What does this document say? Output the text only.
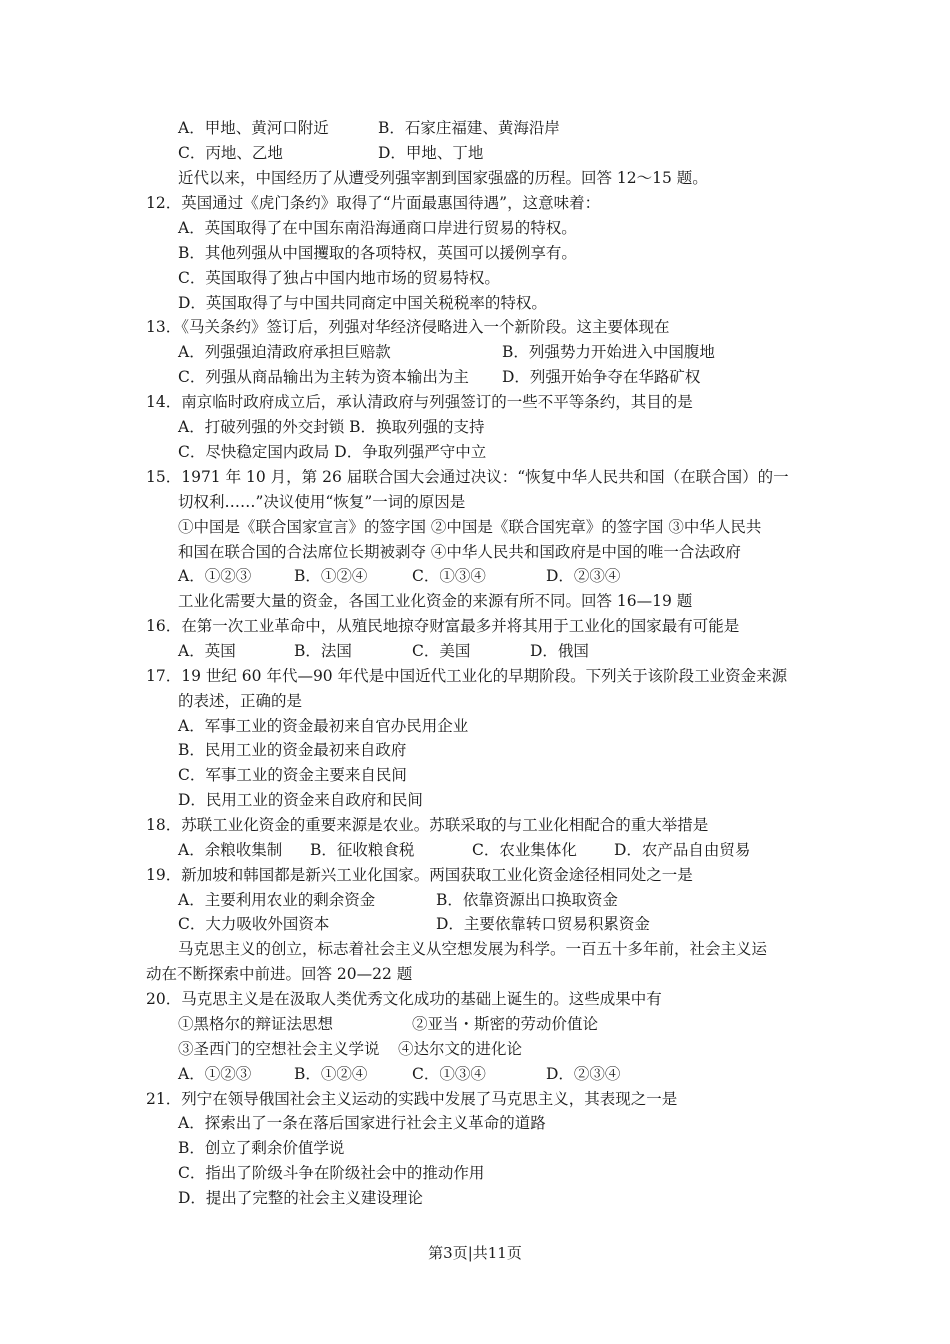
A．甲地、黄河口附近	B．石家庄福建、黄海沿岸
C．丙地、乙地	D．甲地、丁地
近代以来，中国经历了从遭受列强宰割到国家强盛的历程。回答 12～15 题。
12．英国通过《虎门条约》取得了“片面最惠国待遇”，这意味着：
A．英国取得了在中国东南沿海通商口岸进行贸易的特权。
B．其他列强从中国攫取的各项特权，英国可以援例享有。
C．英国取得了独占中国内地市场的贸易特权。
D．英国取得了与中国共同商定中国关税税率的特权。
13．《马关条约》签订后，列强对华经济侵略进入一个新阶段。这主要体现在
A．列强强迫清政府承担巨赔款	B．列强势力开始进入中国腹地
C．列强从商品输出为主转为资本输出为主 D．列强开始争夺在华路矿权
14．南京临时政府成立后，承认清政府与列强签订的一些不平等条约，其目的是
A．打破列强的外交封锁 B．换取列强的支持
C．尽快稳定国内政局 D．争取列强严守中立
15．1971 年 10 月，第 26 届联合国大会通过决议：“恢复中华人民共和国（在联合国）的一
切权利……”决议使用“恢复”一词的原因是
①中国是《联合国家宣言》的签字国 ②中国是《联合国宪章》的签字国 ③中华人民共
和国在联合国的合法席位长期被剥夺 ④中华人民共和国政府是中国的唯一合法政府
A．①②③	B．①②④	C．①③④	D．②③④
工业化需要大量的资金，各国工业化资金的来源有所不同。回答 16—19 题
16．在第一次工业革命中，从殖民地掠夺财富最多并将其用于工业化的国家最有可能是
A．英国	B．法国	C．美国	D．俄国
17．19 世纪 60 年代—90 年代是中国近代工业化的早期阶段。下列关于该阶段工业资金来源
的表述，正确的是
A．军事工业的资金最初来自官办民用企业
B．民用工业的资金最初来自政府
C．军事工业的资金主要来自民间
D．民用工业的资金来自政府和民间
18．苏联工业化资金的重要来源是农业。苏联采取的与工业化相配合的重大举措是
A．余粮收集制 B．征收粮食税	C．农业集体化 D．农产品自由贸易
19．新加坡和韩国都是新兴工业化国家。两国获取工业化资金途径相同处之一是
A．主要利用农业的剩余资金	B．依靠资源出口换取资金
C．大力吸收外国资本	D．主要依靠转口贸易积累资金
马克思主义的创立，标志着社会主义从空想发展为科学。一百五十多年前，社会主义运
动在不断探索中前进。回答 20—22 题
20．马克思主义是在汲取人类优秀文化成功的基础上诞生的。这些成果中有
①黑格尔的辩证法思想	②亚当・斯密的劳动价值论
③圣西门的空想社会主义学说 ④达尔文的进化论
A．①②③	B．①②④	C．①③④	D．②③④
21．列宁在领导俄国社会主义运动的实践中发展了马克思主义，其表现之一是
A．探索出了一条在落后国家进行社会主义革命的道路
B．创立了剩余价值学说
C．指出了阶级斗争在阶级社会中的推动作用
D．提出了完整的社会主义建设理论
第3页|共11页
